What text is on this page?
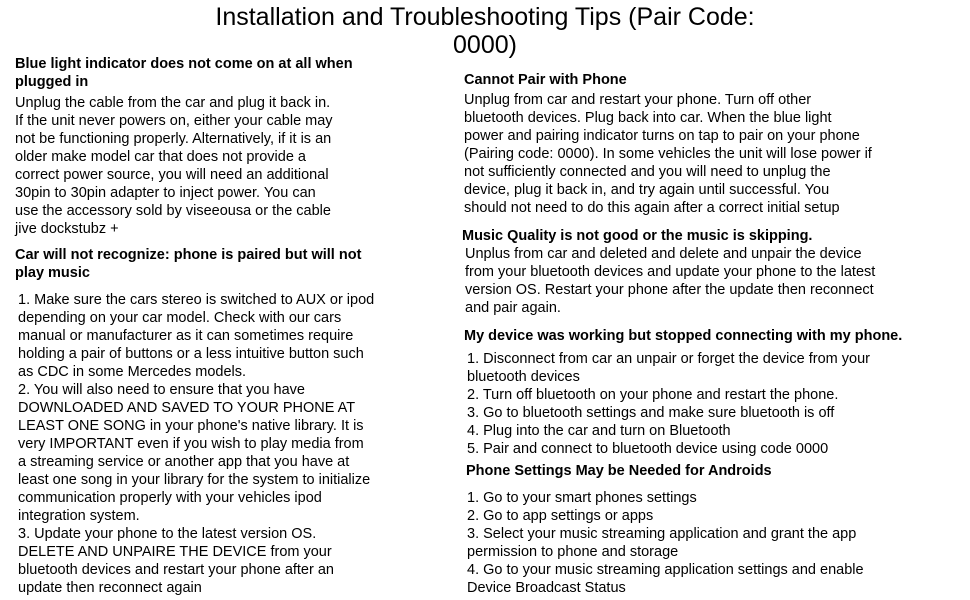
Installation and Troubleshooting Tips (Pair Code: 0000)
Blue light indicator does not come on at all when
plugged in
Unplug the cable from the car and plug it back in.
If the unit never powers on, either your cable may
not be functioning properly. Alternatively, if it is an
older make model car that does not provide a
correct power source, you will need an additional
30pin to 30pin adapter to inject power. You can
use the accessory sold by viseeousa or the cable
jive dockstubz +
Car will not recognize: phone is paired but will not
play music
1. Make sure the cars stereo is switched to AUX or ipod
depending on your car model. Check with our cars
manual or manufacturer as it can sometimes require
holding a pair of buttons or a less intuitive button such
as CDC in some Mercedes models.
2. You will also need to ensure that you have
DOWNLOADED AND SAVED TO YOUR PHONE AT
LEAST ONE SONG in your phone's native library. It is
very IMPORTANT even if you wish to play media from
a streaming service or another app that you have at
least one song in your library for the system to initialize
communication properly with your vehicles ipod
integration system.
3. Update your phone to the latest version OS.
DELETE AND UNPAIRE THE DEVICE from your
bluetooth devices and restart your phone after an
update then reconnect again
Cannot Pair with Phone
Unplug from car and restart your phone. Turn off other
bluetooth devices. Plug back into car. When the blue light
power and pairing indicator turns on tap to pair on your phone
(Pairing code: 0000). In some vehicles the unit will lose power if
not sufficiently connected and you will need to unplug the
device, plug it back in, and try again until successful. You
should not need to do this again after a correct initial setup
Music Quality is not good or the music is skipping.
Unplus from car and deleted and delete and unpair the device
from your bluetooth devices and update your phone to the latest
version OS. Restart your phone after the update then reconnect
and pair again.
My device was working but stopped connecting with my phone.
1. Disconnect from car an unpair or forget the device from your
bluetooth devices
2. Turn off bluetooth on your phone and restart the phone.
3. Go to bluetooth settings and make sure bluetooth is off
4. Plug into the car and turn on Bluetooth
5. Pair and connect to bluetooth device using code 0000
Phone Settings May be Needed for Androids
1. Go to your smart phones settings
2. Go to app settings or apps
3. Select your music streaming application and grant the app
permission to phone and storage
4. Go to your music streaming application settings and enable
Device Broadcast Status
